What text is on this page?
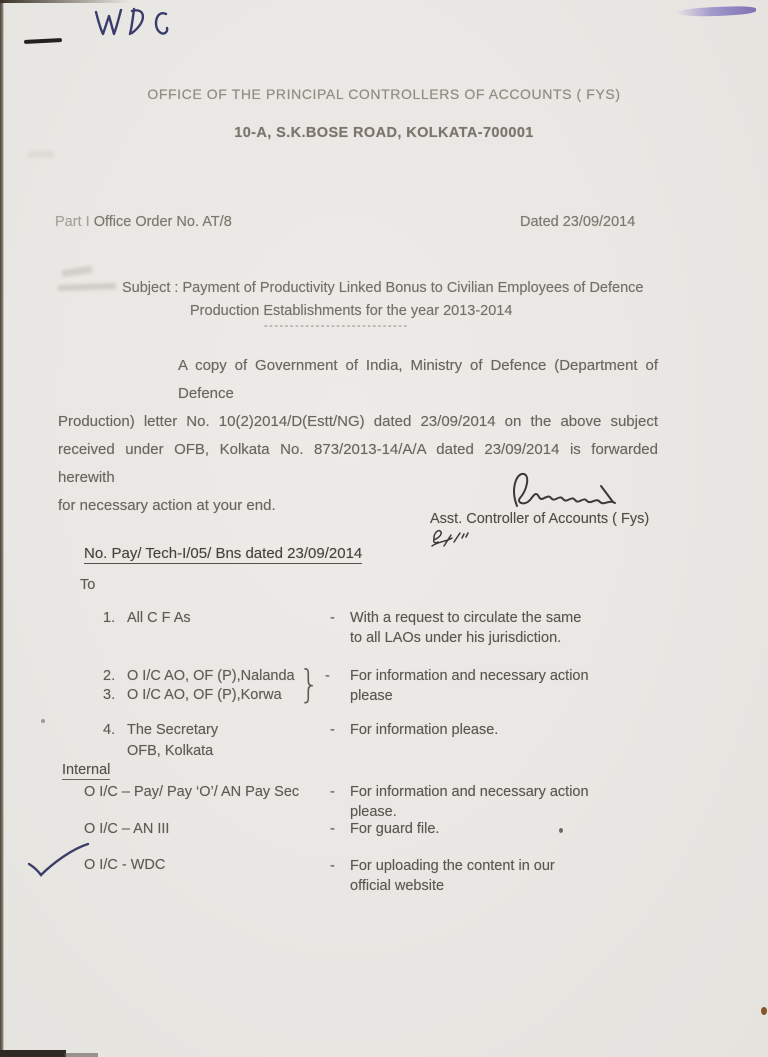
OFFICE OF THE PRINCIPAL CONTROLLERS OF ACCOUNTS ( FYS)
10-A, S.K.BOSE ROAD, KOLKATA-700001
Part I Office Order No. AT/8	Dated 23/09/2014
Subject : Payment of Productivity Linked Bonus to Civilian Employees of Defence
Production Establishments for the year 2013-2014
----------------------------
A copy of Government of India, Ministry of Defence (Department of Defence
Production) letter No. 10(2)2014/D(Estt/NG) dated 23/09/2014 on the above subject
received under OFB, Kolkata No. 873/2013-14/A/A dated 23/09/2014 is forwarded herewith
for necessary action at your end.
Asst. Controller of Accounts ( Fys)
No. Pay/ Tech-I/05/ Bns dated 23/09/2014
To
1. All C F As	- With a request to circulate the same
to all LAOs under his jurisdiction.
2. O I/C AO, OF (P),Nalanda
3. O I/C AO, OF (P),Korwa } - For information and necessary action
please
4. The Secretary
OFB, Kolkata
- For information please.
Internal
O I/C – Pay/ Pay ‘O’/ AN Pay Sec - For information and necessary action
please.
O I/C – AN III	- For guard file.
O I/C - WDC	- For uploading the content in our
official website
